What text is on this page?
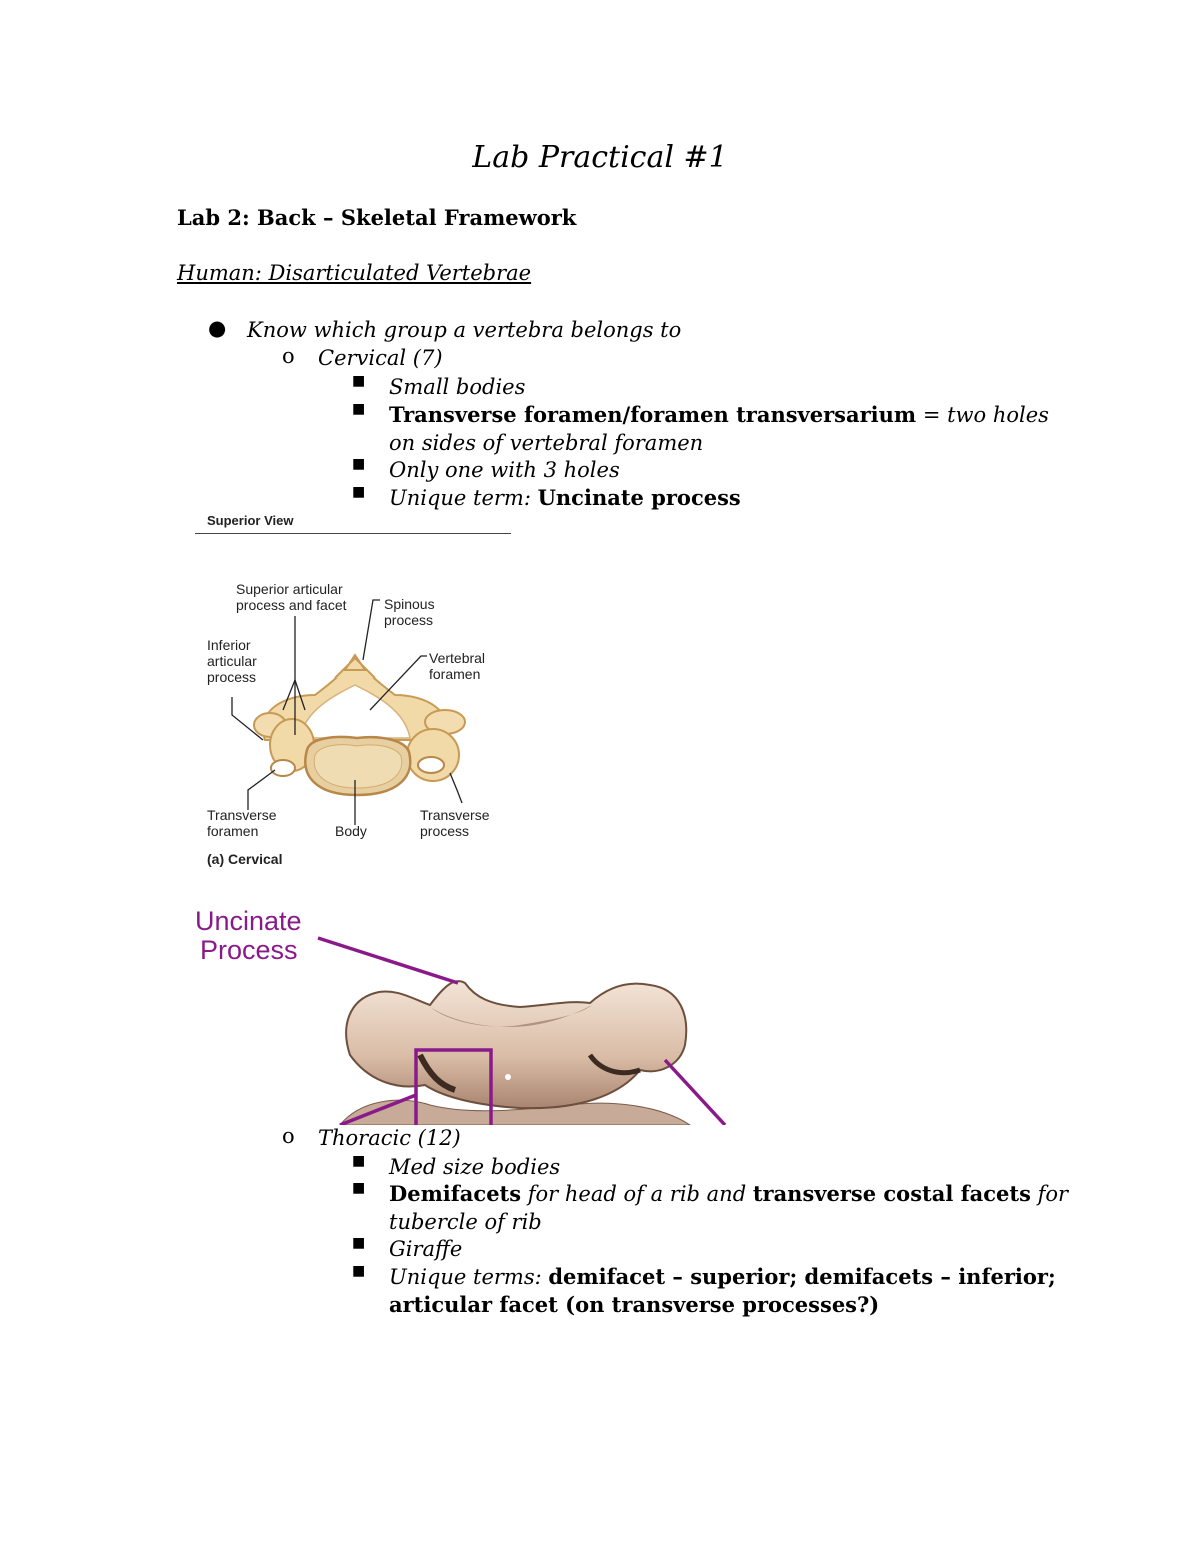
Lab Practical #1
Lab 2: Back – Skeletal Framework
Human: Disarticulated Vertebrae
● Know which group a vertebra belongs to
o Cervical (7)
■ Small bodies
■ Transverse foramen/foramen transversarium = two holes
on sides of vertebral foramen
■ Only one with 3 holes
■ Unique term: Uncinate process
Superior View
Superior articular
process and facet	Spinous
process
Inferior
articular
process
Vertebral
foramen
Transverse
foramen	Body
Transverse
process
(a) Cervical
Uncinate
Process
o Thoracic (12)
■ Med size bodies
■ Demifacets for head of a rib and transverse costal facets for
tubercle of rib
■ Giraffe
■ Unique terms: demifacet – superior; demifacets – inferior;
articular facet (on transverse processes?)
